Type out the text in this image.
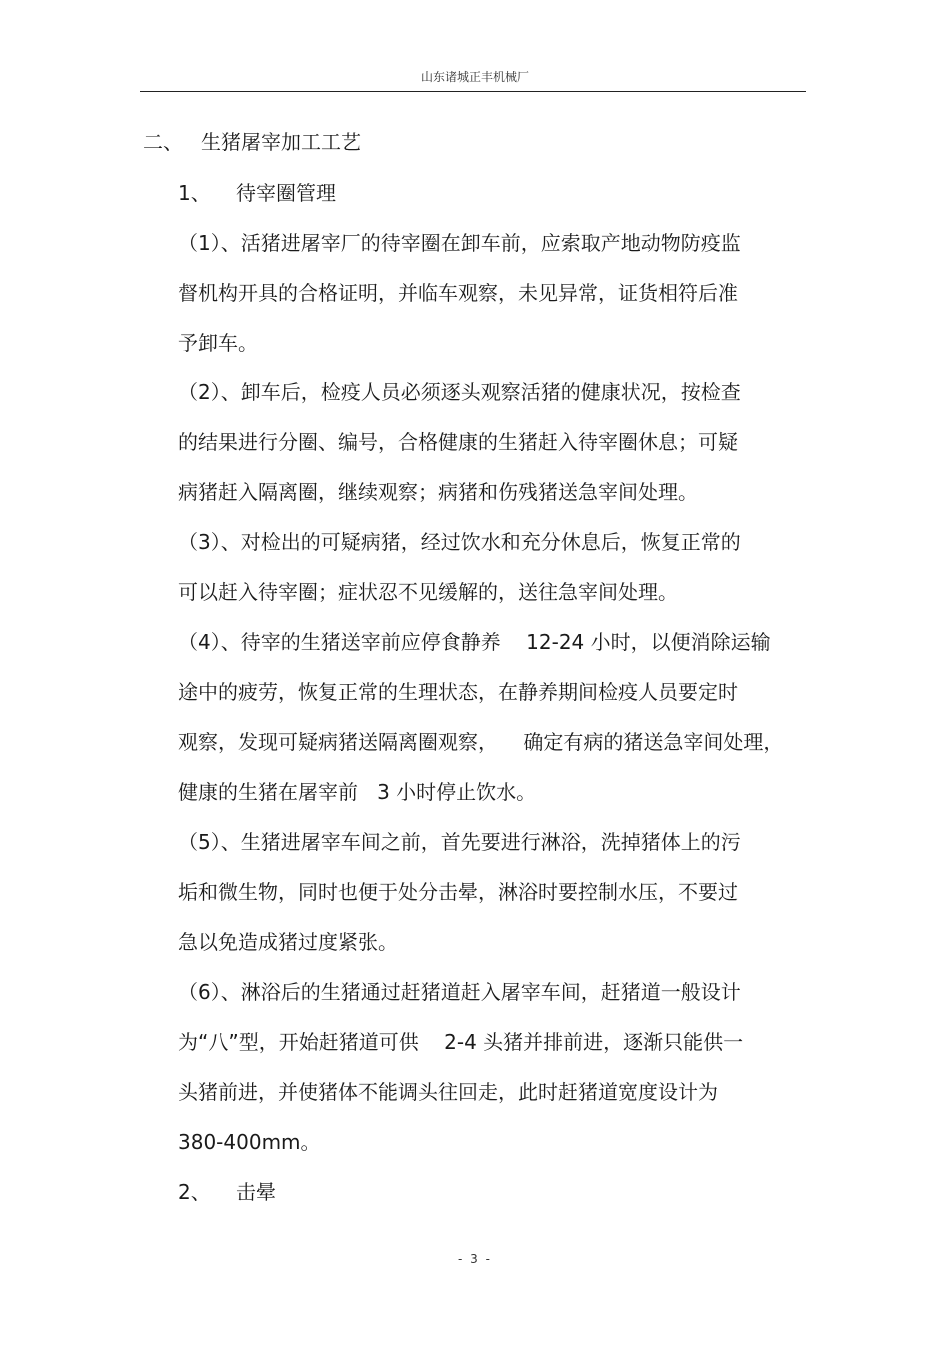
山东诸城正丰机械厂
二、 生猪屠宰加工工艺
1、 待宰圈管理
（1）、活猪进屠宰厂的待宰圈在卸车前，应索取产地动物防疫监
督机构开具的合格证明，并临车观察，未见异常，证货相符后准
予卸车。
（2）、卸车后，检疫人员必须逐头观察活猪的健康状况，按检查
的结果进行分圈、编号，合格健康的生猪赶入待宰圈休息；可疑
病猪赶入隔离圈，继续观察；病猪和伤残猪送急宰间处理。
（3）、对检出的可疑病猪，经过饮水和充分休息后，恢复正常的
可以赶入待宰圈；症状忍不见缓解的，送往急宰间处理。
（4）、待宰的生猪送宰前应停食静养    12-24 小时，以便消除运输
途中的疲劳，恢复正常的生理状态，在静养期间检疫人员要定时
观察，发现可疑病猪送隔离圈观察，    确定有病的猪送急宰间处理，
健康的生猪在屠宰前   3 小时停止饮水。
（5）、生猪进屠宰车间之前，首先要进行淋浴，洗掉猪体上的污
垢和微生物，同时也便于处分击晕，淋浴时要控制水压，不要过
急以免造成猪过度紧张。
（6）、淋浴后的生猪通过赶猪道赶入屠宰车间，赶猪道一般设计
为“八”型，开始赶猪道可供    2-4 头猪并排前进，逐渐只能供一
头猪前进，并使猪体不能调头往回走，此时赶猪道宽度设计为
380-400mm。
2、 击晕
- 3 -
